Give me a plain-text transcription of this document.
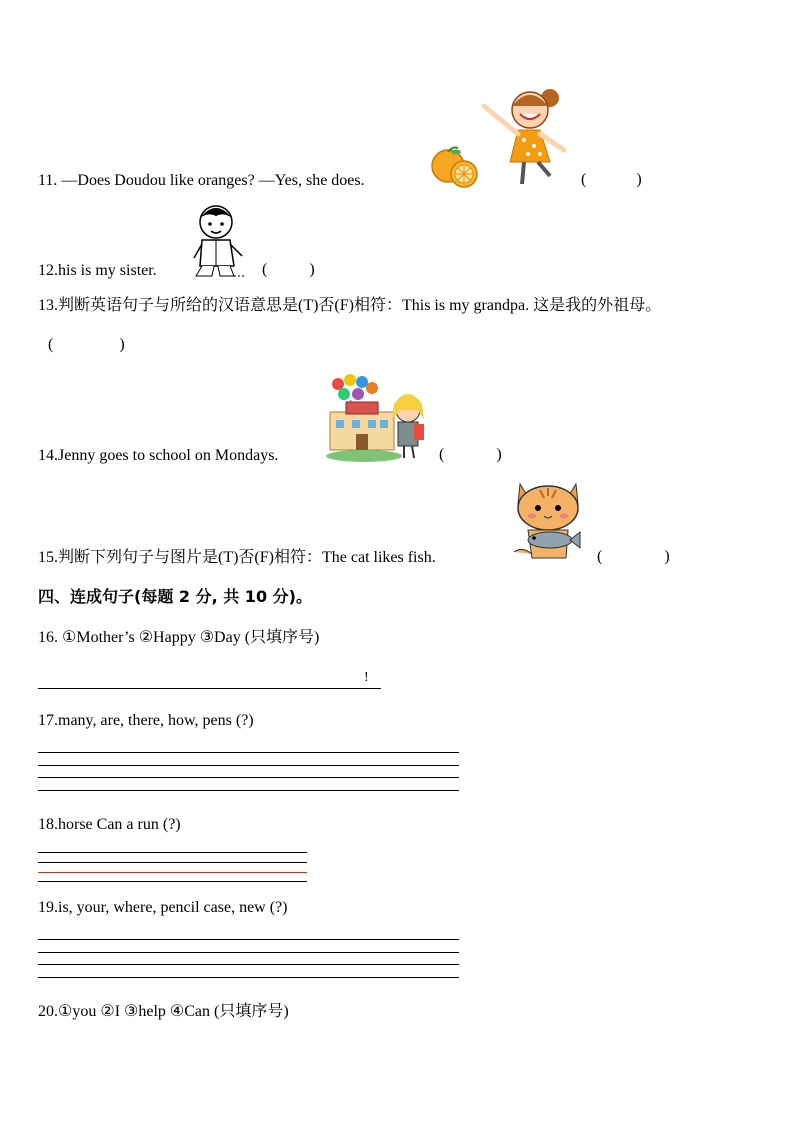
11. —Does Doudou like oranges? —Yes, she does.	(	)
12.his is my sister.	(	)
13.判断英语句子与所给的汉语意思是(T)否(F)相符：This is my grandpa. 这是我的外祖母。
(	)
14.Jenny goes to school on Mondays.	(	)
15.判断下列句子与图片是(T)否(F)相符：The cat likes fish.	(	)
四、连成句子(每题 2 分, 共 10 分)。
16. ①Mother’s ②Happy ③Day (只填序号)
!
17.many, are, there, how, pens (?)
18.horse Can a run (?)
19.is, your, where, pencil case, new (?)
20.①you ②I ③help ④Can (只填序号)
